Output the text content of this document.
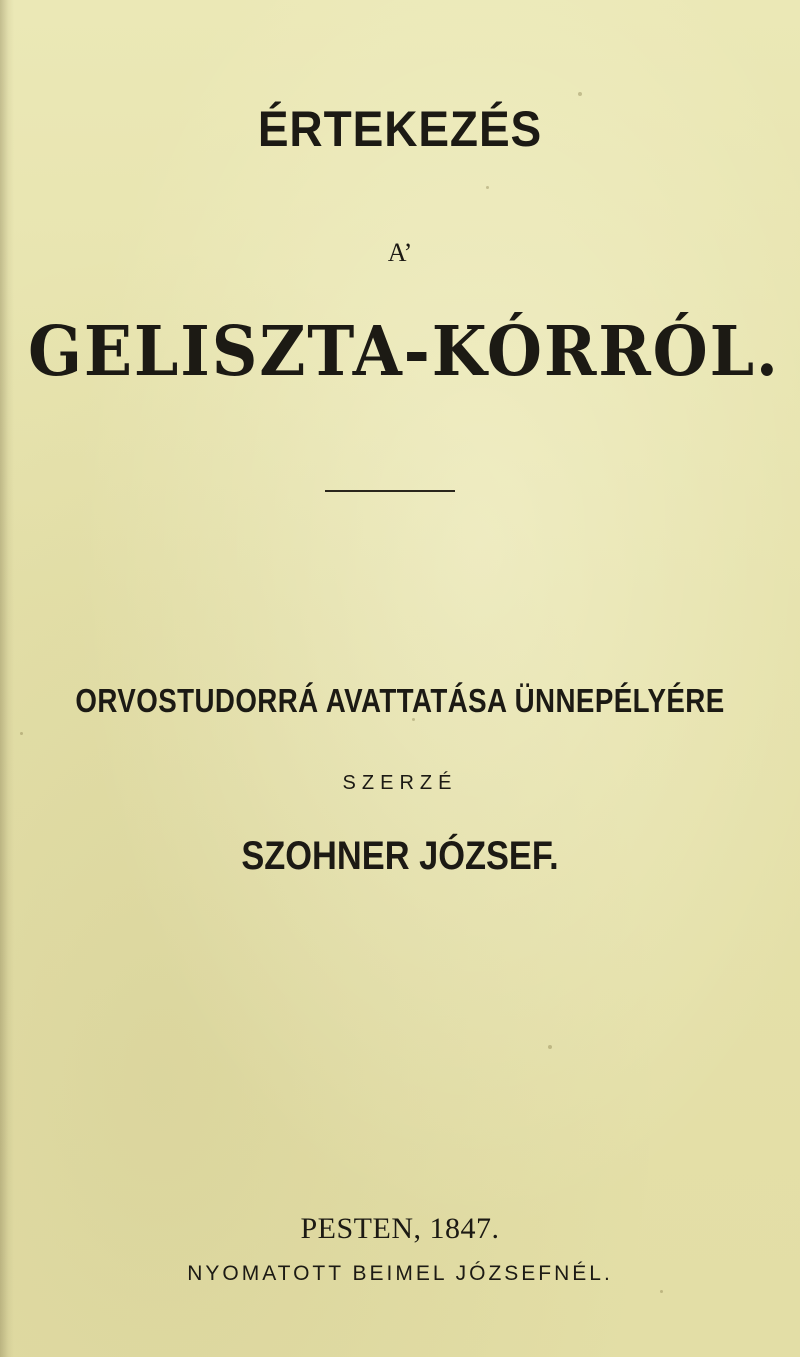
ÉRTEKEZÉS
A’
GELISZTA-KÓRRÓL.
ORVOSTUDORRÁ AVATTATÁSA ÜNNEPÉLYÉRE
SZERZÉ
SZOHNER JÓZSEF.
PESTEN, 1847.
NYOMATOTT BEIMEL JÓZSEFNÉL.
